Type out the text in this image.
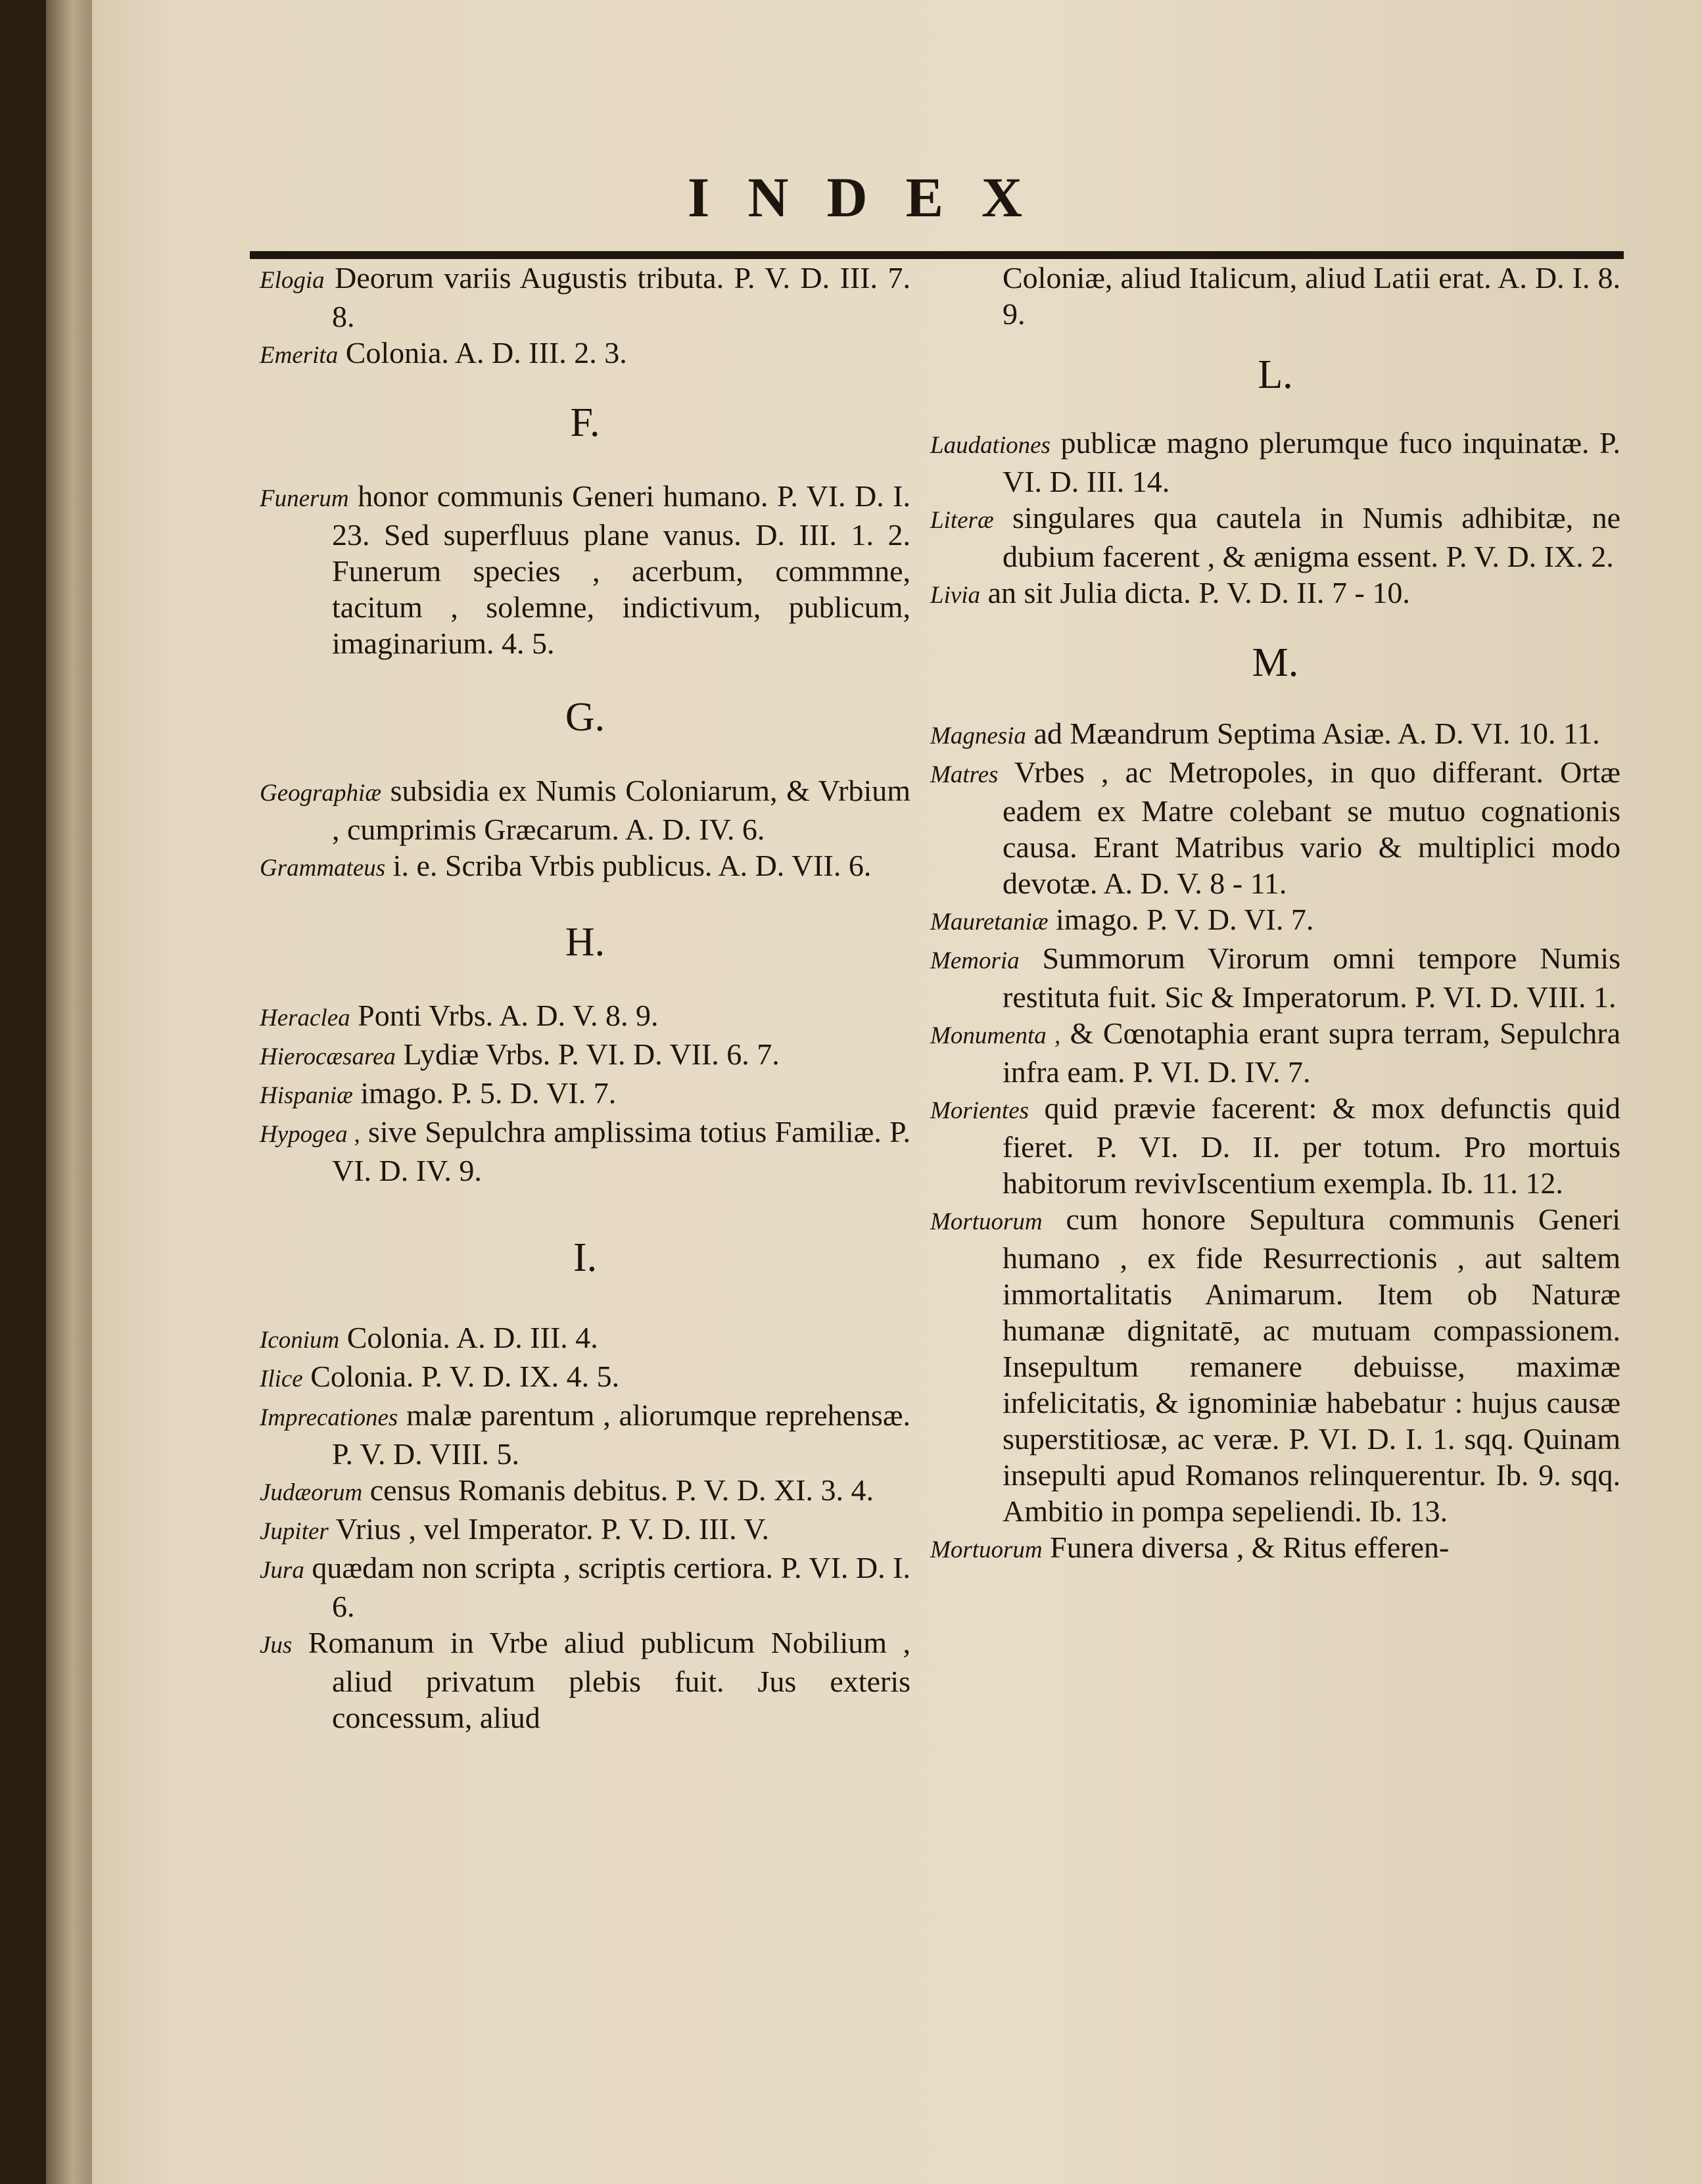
INDEX

Elogia Deorum variis Augustis tributa. P. V. D. III. 7. 8.

Emerita Colonia. A. D. III. 2. 3.

F.

Funerum honor communis Generi humano. P. VI. D. I. 23. Sed superfluus plane vanus. D. III. 1. 2. Funerum species , acerbum, commmne, tacitum , solemne, indictivum, publicum, imaginarium. 4. 5.

G.

Geographiæ subsidia ex Numis Coloniarum, & Vrbium , cumprimis Græcarum. A. D. IV. 6.

Grammateus i. e. Scriba Vrbis publicus. A. D. VII. 6.

H.

Heraclea Ponti Vrbs. A. D. V. 8. 9.

Hierocæsarea Lydiæ Vrbs. P. VI. D. VII. 6. 7.

Hispaniæ imago. P. 5. D. VI. 7.

Hypogea , sive Sepulchra amplissima totius Familiæ. P. VI. D. IV. 9.

I.

Iconium Colonia. A. D. III. 4.

Ilice Colonia. P. V. D. IX. 4. 5.

Imprecationes malæ parentum , aliorumque reprehensæ. P. V. D. VIII. 5.

Judæorum census Romanis debitus. P. V. D. XI. 3. 4.

Jupiter Vrius , vel Imperator. P. V. D. III. V.

Jura quædam non scripta , scriptis certiora. P. VI. D. I. 6.

Jus Romanum in Vrbe aliud publicum Nobilium , aliud privatum plebis fuit. Jus exteris concessum, aliud

Coloniæ, aliud Italicum, aliud Latii erat. A. D. I. 8. 9.

L.

Laudationes publicæ magno plerumque fuco inquinatæ. P. VI. D. III. 14.

Literæ singulares qua cautela in Numis adhibitæ, ne dubium facerent , & ænigma essent. P. V. D. IX. 2.

Livia an sit Julia dicta. P. V. D. II. 7 - 10.

M.

Magnesia ad Mæandrum Septima Asiæ. A. D. VI. 10. 11.

Matres Vrbes , ac Metropoles, in quo differant. Ortæ eadem ex Matre colebant se mutuo cognationis causa. Erant Matribus vario & multiplici modo devotæ. A. D. V. 8 - 11.

Mauretaniæ imago. P. V. D. VI. 7.

Memoria Summorum Virorum omni tempore Numis restituta fuit. Sic & Imperatorum. P. VI. D. VIII. 1.

Monumenta , & Cœnotaphia erant supra terram, Sepulchra infra eam. P. VI. D. IV. 7.

Morientes quid prævie facerent: & mox defunctis quid fieret. P. VI. D. II. per totum. Pro mortuis habitorum revivIscentium exempla. Ib. 11. 12.

Mortuorum cum honore Sepultura communis Generi humano , ex fide Resurrectionis , aut saltem immortalitatis Animarum. Item ob Naturæ humanæ dignitatē, ac mutuam compassionem. Insepultum remanere debuisse, maximæ infelicitatis, & ignominiæ habebatur : hujus causæ superstitiosæ, ac veræ. P. VI. D. I. 1. sqq. Quinam insepulti apud Romanos relinquerentur. Ib. 9. sqq. Ambitio in pompa sepeliendi. Ib. 13.

Mortuorum Funera diversa , & Ritus efferen-
